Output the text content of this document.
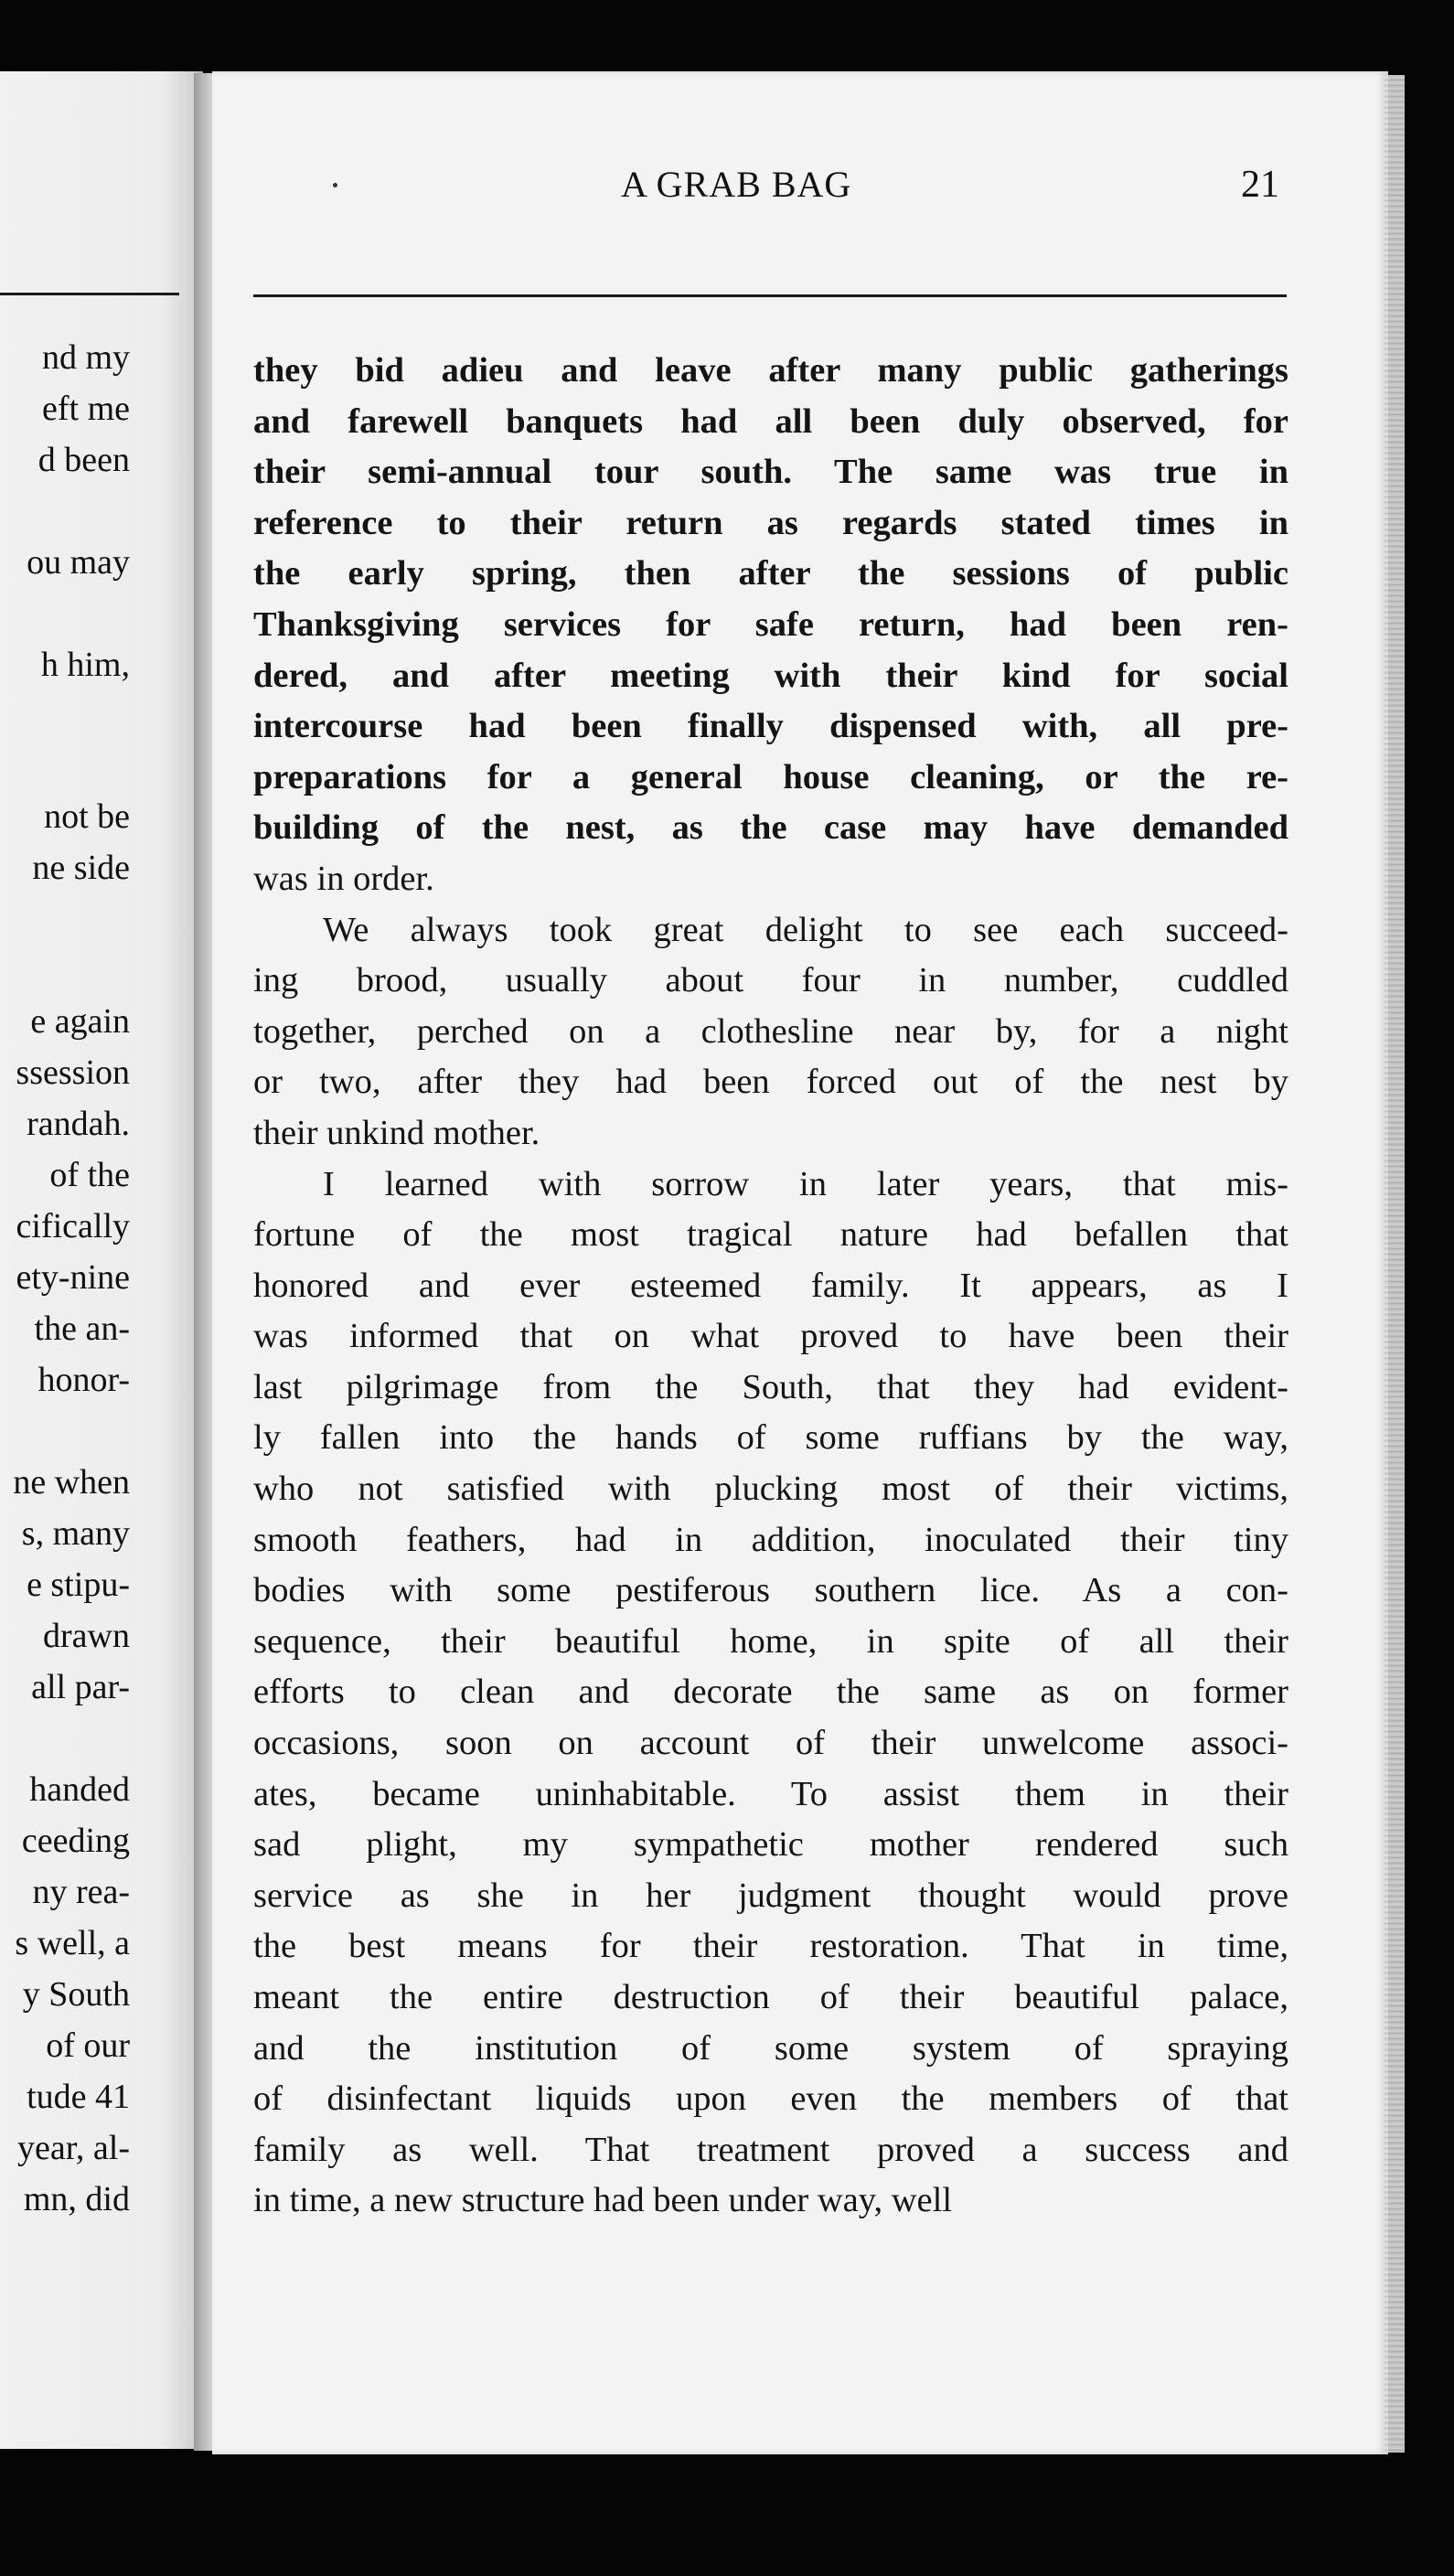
nd my
eft me
d been
ou may
h him,
not be
ne side
e again
ssession
randah.
of the
cifically
ety-nine
the an-
honor-
ne when
s, many
e stipu-
drawn
all par-
handed
ceeding
ny rea-
s well, a
y South
of our
tude 41
year, al-
mn, did
A GRAB BAG	21
they bid adieu and leave after many public gatherings
and farewell banquets had all been duly observed, for
their semi-annual tour south. The same was true in
reference to their return as regards stated times in
the early spring, then after the sessions of public
Thanksgiving services for safe return, had been ren-
dered, and after meeting with their kind for social
intercourse had been finally dispensed with, all pre-
preparations for a general house cleaning, or the re-
building of the nest, as the case may have demanded
was in order.
We always took great delight to see each succeed-
ing brood, usually about four in number, cuddled
together, perched on a clothesline near by, for a night
or two, after they had been forced out of the nest by
their unkind mother.
I learned with sorrow in later years, that mis-
fortune of the most tragical nature had befallen that
honored and ever esteemed family. It appears, as I
was informed that on what proved to have been their
last pilgrimage from the South, that they had evident-
ly fallen into the hands of some ruffians by the way,
who not satisfied with plucking most of their victims,
smooth feathers, had in addition, inoculated their tiny
bodies with some pestiferous southern lice. As a con-
sequence, their beautiful home, in spite of all their
efforts to clean and decorate the same as on former
occasions, soon on account of their unwelcome associ-
ates, became uninhabitable. To assist them in their
sad plight, my sympathetic mother rendered such
service as she in her judgment thought would prove
the best means for their restoration. That in time,
meant the entire destruction of their beautiful palace,
and the institution of some system of spraying
of disinfectant liquids upon even the members of that
family as well. That treatment proved a success and
in time, a new structure had been under way, well
